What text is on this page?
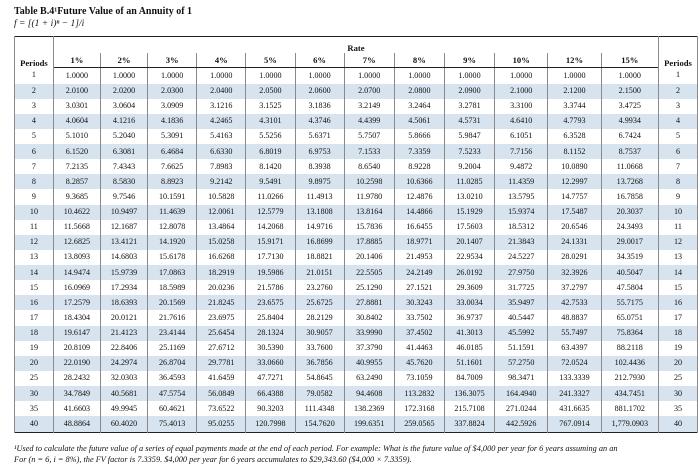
Table B.4¹Future Value of an Annuity of 1
f = [(1 + i)ⁿ − 1]/i
Periods	Rate												Periods
	1%	2%	3%	4%	5%	6%	7%	8%	9%	10%	12%	15%	
1	1.0000	1.0000	1.0000	1.0000	1.0000	1.0000	1.0000	1.0000	1.0000	1.0000	1.0000	1.0000	1
2	2.0100	2.0200	2.0300	2.0400	2.0500	2.0600	2.0700	2.0800	2.0900	2.1000	2.1200	2.1500	2
3	3.0301	3.0604	3.0909	3.1216	3.1525	3.1836	3.2149	3.2464	3.2781	3.3100	3.3744	3.4725	3
4	4.0604	4.1216	4.1836	4.2465	4.3101	4.3746	4.4399	4.5061	4.5731	4.6410	4.7793	4.9934	4
5	5.1010	5.2040	5.3091	5.4163	5.5256	5.6371	5.7507	5.8666	5.9847	6.1051	6.3528	6.7424	5
6	6.1520	6.3081	6.4684	6.6330	6.8019	6.9753	7.1533	7.3359	7.5233	7.7156	8.1152	8.7537	6
7	7.2135	7.4343	7.6625	7.8983	8.1420	8.3938	8.6540	8.9228	9.2004	9.4872	10.0890	11.0668	7
8	8.2857	8.5830	8.8923	9.2142	9.5491	9.8975	10.2598	10.6366	11.0285	11.4359	12.2997	13.7268	8
9	9.3685	9.7546	10.1591	10.5828	11.0266	11.4913	11.9780	12.4876	13.0210	13.5795	14.7757	16.7858	9
10	10.4622	10.9497	11.4639	12.0061	12.5779	13.1808	13.8164	14.4866	15.1929	15.9374	17.5487	20.3037	10
11	11.5668	12.1687	12.8078	13.4864	14.2068	14.9716	15.7836	16.6455	17.5603	18.5312	20.6546	24.3493	11
12	12.6825	13.4121	14.1920	15.0258	15.9171	16.8699	17.8885	18.9771	20.1407	21.3843	24.1331	29.0017	12
13	13.8093	14.6803	15.6178	16.6268	17.7130	18.8821	20.1406	21.4953	22.9534	24.5227	28.0291	34.3519	13
14	14.9474	15.9739	17.0863	18.2919	19.5986	21.0151	22.5505	24.2149	26.0192	27.9750	32.3926	40.5047	14
15	16.0969	17.2934	18.5989	20.0236	21.5786	23.2760	25.1290	27.1521	29.3609	31.7725	37.2797	47.5804	15
16	17.2579	18.6393	20.1569	21.8245	23.6575	25.6725	27.8881	30.3243	33.0034	35.9497	42.7533	55.7175	16
17	18.4304	20.0121	21.7616	23.6975	25.8404	28.2129	30.8402	33.7502	36.9737	40.5447	48.8837	65.0751	17
18	19.6147	21.4123	23.4144	25.6454	28.1324	30.9057	33.9990	37.4502	41.3013	45.5992	55.7497	75.8364	18
19	20.8109	22.8406	25.1169	27.6712	30.5390	33.7600	37.3790	41.4463	46.0185	51.1591	63.4397	88.2118	19
20	22.0190	24.2974	26.8704	29.7781	33.0660	36.7856	40.9955	45.7620	51.1601	57.2750	72.0524	102.4436	20
25	28.2432	32.0303	36.4593	41.6459	47.7271	54.8645	63.2490	73.1059	84.7009	98.3471	133.3339	212.7930	25
30	34.7849	40.5681	47.5754	56.0849	66.4388	79.0582	94.4608	113.2832	136.3075	164.4940	241.3327	434.7451	30
35	41.6603	49.9945	60.4621	73.6522	90.3203	111.4348	138.2369	172.3168	215.7108	271.0244	431.6635	881.1702	35
40	48.8864	60.4020	75.4013	95.0255	120.7998	154.7620	199.6351	259.0565	337.8824	442.5926	767.0914	1,779.0903	40
¹Used to calculate the future value of a series of equal payments made at the end of each period. For example: What is the future value of $4,000 per year for 6 years assuming an an
For (n = 6, i = 8%), the FV factor is 7.3359. $4,000 per year for 6 years accumulates to $29,343.60 ($4,000 × 7.3359).
